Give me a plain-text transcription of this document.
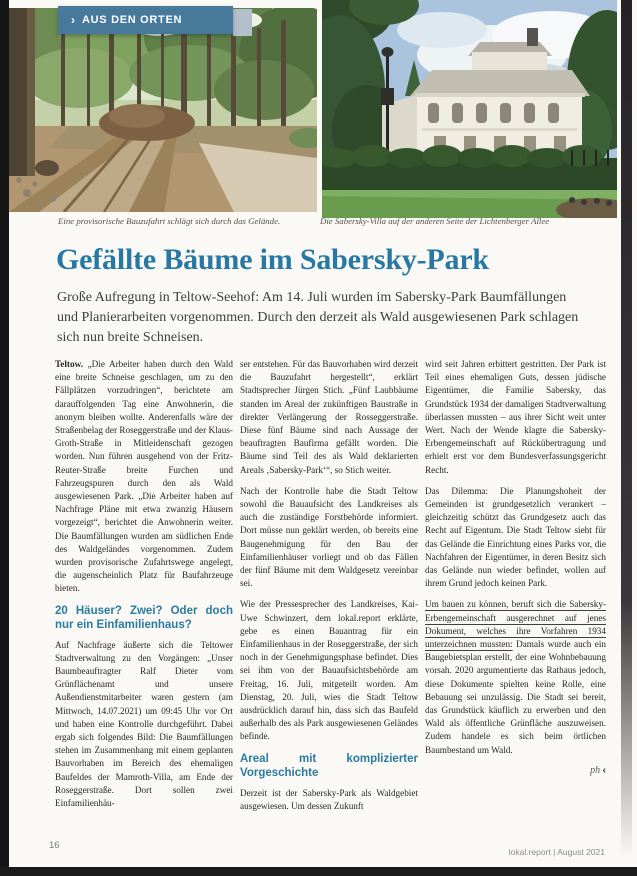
› AUS DEN ORTEN
Eine provisorische Bauzufahrt schlägt sich durch das Gelände.	Die Sabersky-Villa auf der anderen Seite der Lichtenberger Allee
Gefällte Bäume im Sabersky-Park

Große Aufregung in Teltow-Seehof: Am 14. Juli wurden im Sabersky-Park Baumfällungen und Planierarbeiten vorgenommen. Durch den derzeit als Wald ausgewiesenen Park schlagen sich nun breite Schneisen.

Teltow. „Die Arbeiter haben durch den Wald eine breite Schneise geschlagen, um zu den Fällplätzen vorzudringen“, berichtete am darauffolgenden Tag eine Anwohnerin, die anonym bleiben wollte. Anderenfalls wäre der Straßenbelag der Roseggerstraße und der Klaus-Groth-Straße in Mitleidenschaft gezogen worden. Nun führen ausgehend von der Fritz-Reuter-Straße breite Furchen und Fahrzeugspuren durch den als Wald ausgewiesenen Park. „Die Arbeiter haben auf Nachfrage Pläne mit etwa zwanzig Häusern vorgezeigt“, berichtet die Anwohnerin weiter. Die Baumfällungen wurden am südlichen Ende des Waldgeländes vorgenommen. Zudem wurden provisorische Zufahrtswege angelegt, die augenscheinlich Platz für Baufahrzeuge bieten.

20 Häuser? Zwei? Oder doch nur ein Einfamilienhaus?

Auf Nachfrage äußerte sich die Teltower Stadtverwaltung zu den Vorgängen: „Unser Baumbeauftragter Ralf Dieter vom Grünflächenamt und unsere Außendienstmitarbeiter waren gestern (am Mittwoch, 14.07.2021) um 09:45 Uhr vor Ort und haben eine Kontrolle durchgeführt. Dabei ergab sich folgendes Bild: Die Baumfällungen stehen im Zusammenhang mit einem geplanten Bauvorhaben im Bereich des ehemaligen Baufeldes der Mamroth-Villa, am Ende der Roseggerstraße. Dort sollen zwei Einfamilienhäu-

ser entstehen. Für das Bauvorhaben wird derzeit die Bauzufahrt hergestellt“, erklärt Stadtsprecher Jürgen Stich. „Fünf Laubbäume standen im Areal der zukünftigen Baustraße in direkter Verlängerung der Rosseggerstraße. Diese fünf Bäume sind nach Aussage der beauftragten Baufirma gefällt worden. Die Bäume sind Teil des als Wald deklarierten Areals ‚Sabersky-Park‘“, so Stich weiter.

Nach der Kontrolle habe die Stadt Teltow sowohl die Bauaufsicht des Landkreises als auch die zuständige Forstbehörde informiert. Dort müsse nun geklärt werden, ob bereits eine Baugenehmigung für den Bau der Einfamilienhäuser vorliegt und ob das Fällen der fünf Bäume mit dem Waldgesetz vereinbar sei.

Wie der Pressesprecher des Landkreises, Kai-Uwe Schwinzert, dem lokal.report erklärte, gebe es einen Bauantrag für ein Einfamilienhaus in der Roseggerstraße, der sich noch in der Genehmigungsphase befindet. Dies sei ihm von der Bauaufsichtsbehörde am Freitag, 16. Juli, mitgeteilt worden. Am Dienstag, 20. Juli, wies die Stadt Teltow ausdrücklich darauf hin, dass sich das Baufeld außerhalb des als Park ausgewiesenen Geländes befinde.

Areal mit komplizierter Vorgeschichte

Derzeit ist der Sabersky-Park als Waldgebiet ausgewiesen. Um dessen Zukunft

wird seit Jahren erbittert gestritten. Der Park ist Teil eines ehemaligen Guts, dessen jüdische Eigentümer, die Familie Sabersky, das Grundstück 1934 der damaligen Stadtverwaltung überlassen mussten – aus ihrer Sicht weit unter Wert. Nach der Wende klagte die Sabersky-Erbengemeinschaft auf Rückübertragung und erhielt erst vor dem Bundesverfassungsgericht Recht.

Das Dilemma: Die Planungshoheit der Gemeinden ist grundgesetzlich verankert – gleichzeitig schützt das Grundgesetz auch das Recht auf Eigentum. Die Stadt Teltow sieht für das Gelände die Einrichtung eines Parks vor, die Nachfahren der Eigentümer, in deren Besitz sich das Gelände nun wieder befindet, wollen auf ihrem Grund jedoch keinen Park.

Um bauen zu können, beruft sich die Sabersky-Erbengemeinschaft ausgerechnet auf jenes Dokument, welches ihre Vorfahren 1934 unterzeichnen mussten: Damals wurde auch ein Baugebietsplan erstellt, der eine Wohnbebauung vorsah. 2020 argumentierte das Rathaus jedoch, diese Dokumente spielten keine Rolle, eine Bebauung sei unzulässig. Die Stadt sei bereit, das Grundstück käuflich zu erwerben und den Wald als öffentliche Grünfläche auszuweisen. Zudem handele es sich beim örtlichen Baumbestand um Wald.

ph ‹
16
lokal.report | August 2021
